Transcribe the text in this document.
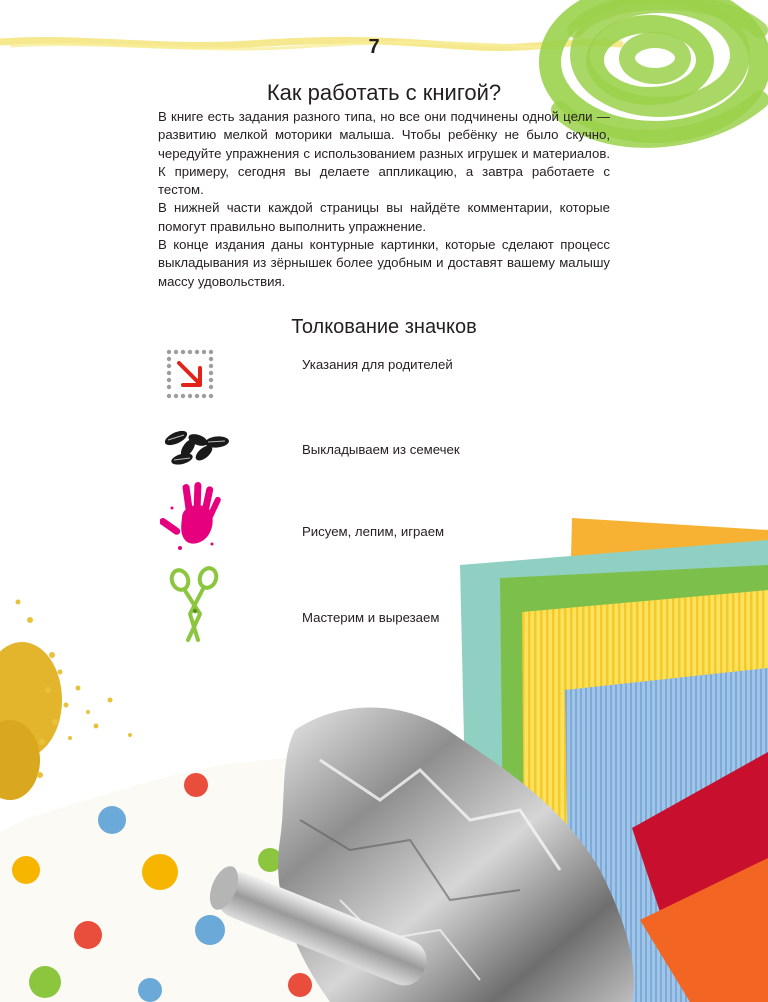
7
Как работать с книгой?

В книге есть задания разного типа, но все они подчинены одной цели — развитию мелкой моторики малыша. Чтобы ребёнку не было скучно, чередуйте упражнения с использованием разных игрушек и материалов. К примеру, сегодня вы делаете аппликацию, а завтра работаете с тестом.

В нижней части каждой страницы вы найдёте комментарии, которые помогут правильно выполнить упражнение.

В конце издания даны контурные картинки, которые сделают процесс выкладывания из зёрнышек более удобным и доставят вашему малышу массу удовольствия.

Толкование значков
Указания для родителей
Выкладываем из семечек
Рисуем, лепим, играем
Мастерим и вырезаем
